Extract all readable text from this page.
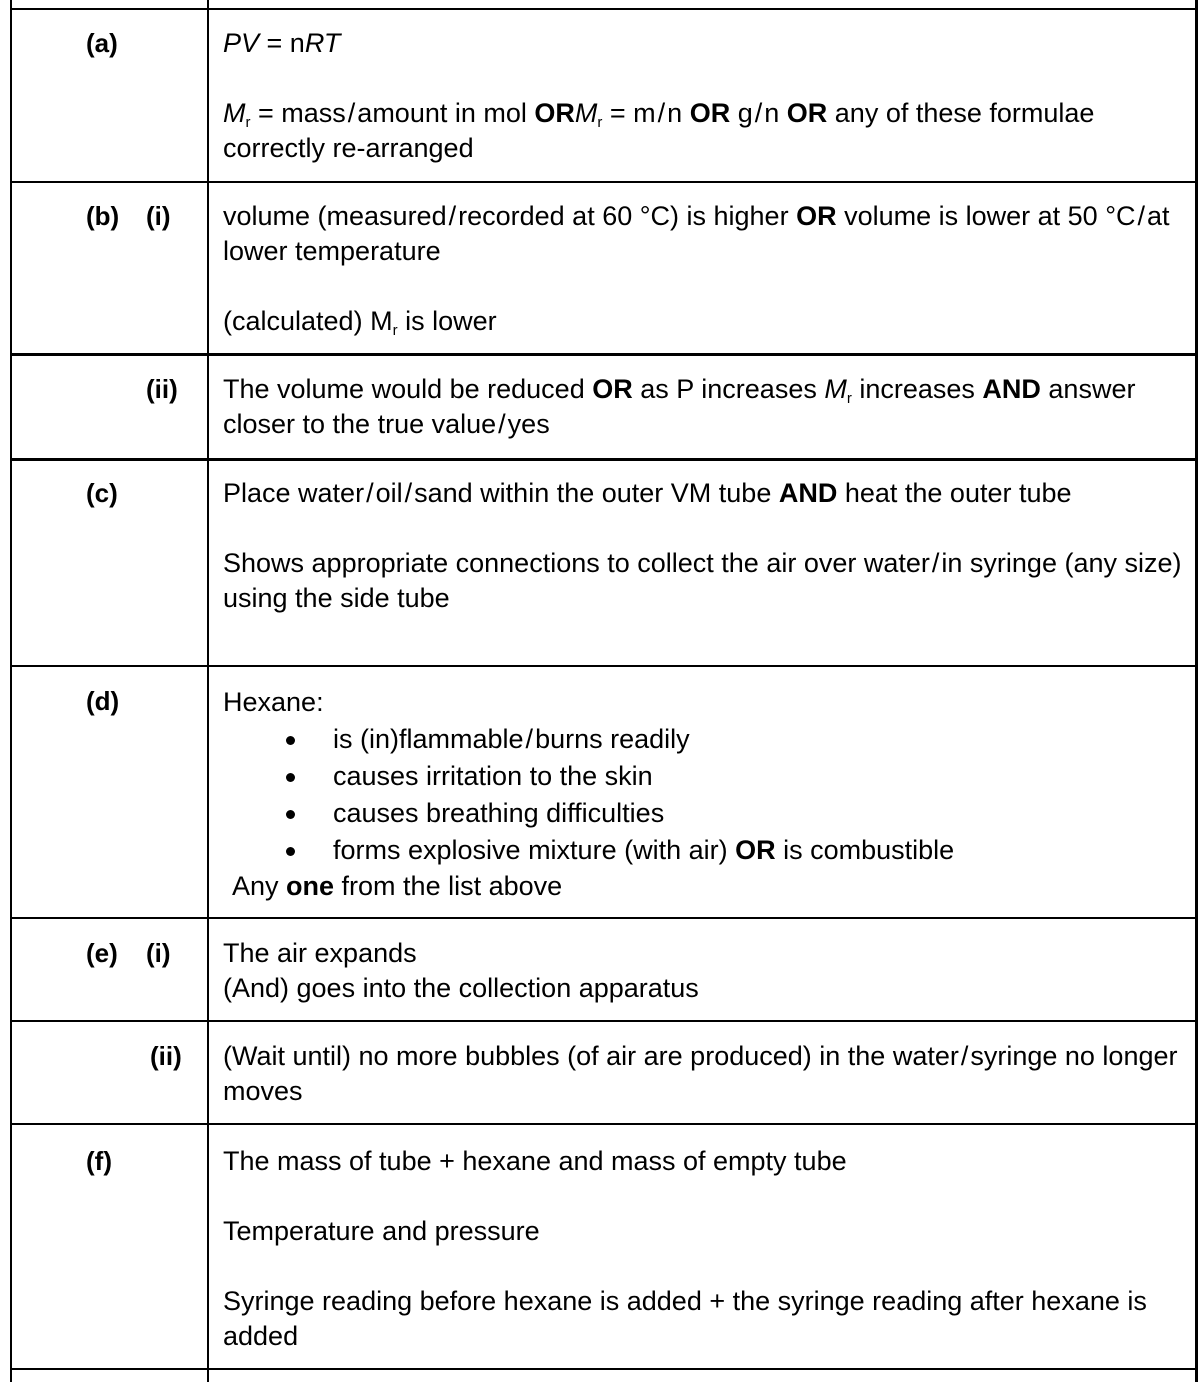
(a)	PV = nRT

$M_r$ = mass/amount in mol $ORM_r = m/n$ OR g/n OR any of these formulae correctly re-arranged

(b) (i) volume (measured/recorded at 60 °C) is higher OR volume is lower at 50 °C/at lower temperature

(calculated) $M_r$ is lower

(ii) The volume would be reduced OR as P increases $M_r$ increases AND answer closer to the true value/yes

(c)	Place water/oil/sand within the outer VM tube AND heat the outer tube

Shows appropriate connections to collect the air over water/in syringe (any size) using the side tube

(d)	Hexane:

is (in)flammable/burns readily
causes irritation to the skin
causes breathing difficulties
forms explosive mixture (with air) OR is combustible

Any one from the list above

(e) (i) The air expands

(And) goes into the collection apparatus

(ii) (Wait until) no more bubbles (of air are produced) in the water/syringe no longer moves

(f)	The mass of tube + hexane and mass of empty tube

Temperature and pressure

Syringe reading before hexane is added + the syringe reading after hexane is added
